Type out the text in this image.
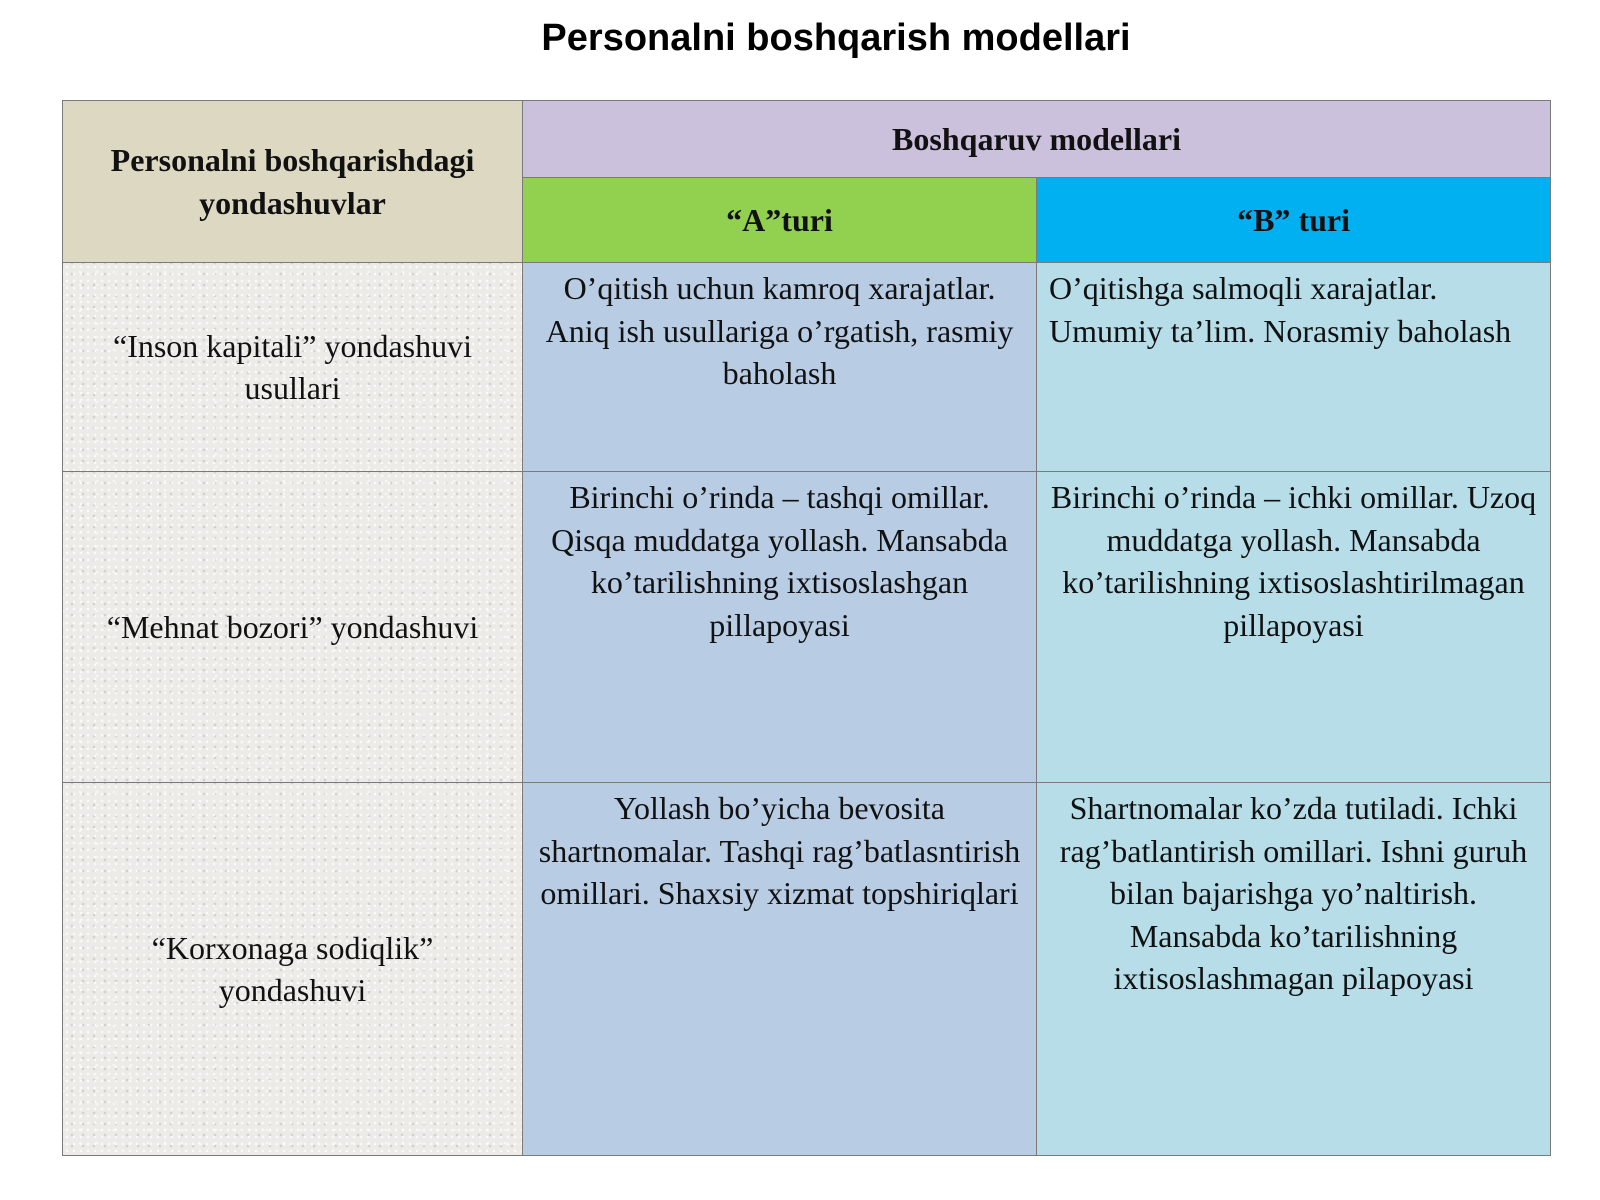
Personalni boshqarish modellari
Personalni boshqarishdagi yondashuvlar	Boshqaruv modellari	
	“A”turi	“B” turi
“Inson kapitali” yondashuvi usullari	O’qitish uchun kamroq xarajatlar. Aniq ish usullariga o’rgatish, rasmiy baholash	O’qitishga salmoqli xarajatlar. Umumiy ta’lim. Norasmiy baholash
“Mehnat bozori” yondashuvi	Birinchi o’rinda – tashqi omillar. Qisqa muddatga yollash. Mansabda ko’tarilishning ixtisoslashgan pillapoyasi	Birinchi o’rinda – ichki omillar. Uzoq muddatga yollash. Mansabda ko’tarilishning ixtisoslashtirilmagan pillapoyasi
“Korxonaga sodiqlik” yondashuvi	Yollash bo’yicha bevosita shartnomalar. Tashqi rag’batlasntirish omillari. Shaxsiy xizmat topshiriqlari	Shartnomalar ko’zda tutiladi. Ichki rag’batlantirish omillari. Ishni guruh bilan bajarishga yo’naltirish. Mansabda ko’tarilishning ixtisoslashmagan pilapoyasi
